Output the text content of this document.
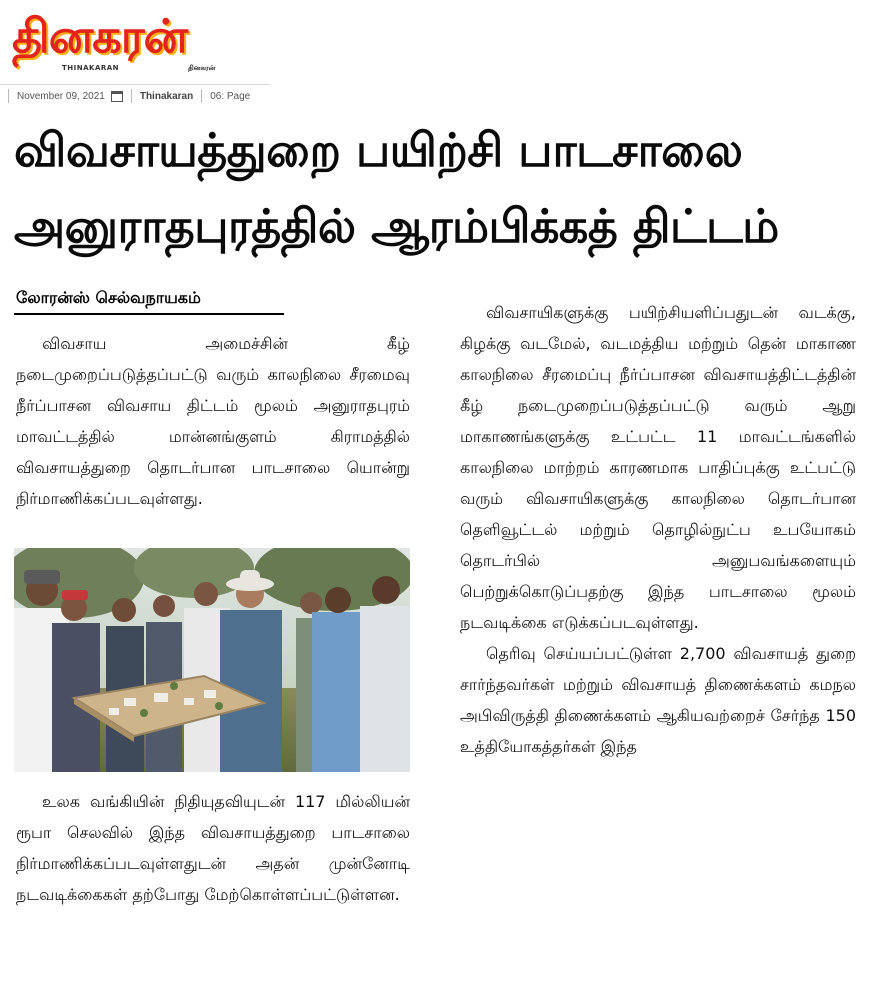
தினகரன்
THINAKARAN	தினகரன்
November 09, 2021	Thinakaran 06: Page
விவசாயத்துறை பயிற்சி பாடசாலை
அனுராதபுரத்தில் ஆரம்பிக்கத் திட்டம்
லோரன்ஸ் செல்வநாயகம்

விவசாய அமைச்சின் கீழ் நடைமுறைப்படுத்தப்பட்டு வரும் காலநிலை சீரமைவு நீர்ப்பாசன விவசாய திட்டம் மூலம் அனுராதபுரம் மாவட்டத்தில் மான்னங்குளம் கிராமத்தில் விவசாயத்துறை தொடர்பான பாடசாலை யொன்று நிர்மாணிக்கப்படவுள்ளது.

உலக வங்கியின் நிதியுதவியுடன் 117 மில்லியன் ரூபா செலவில் இந்த விவசாயத்துறை பாடசாலை நிர்மாணிக்கப்படவுள்ளதுடன் அதன் முன்னோடி நடவடிக்கைகள் தற்போது மேற்கொள்ளப்பட்டுள்ளன.

விவசாயிகளுக்கு பயிற்சியளிப்பதுடன் வடக்கு, கிழக்கு வடமேல், வடமத்திய மற்றும் தென் மாகாண காலநிலை சீரமைப்பு நீர்ப்பாசன விவசாயத்திட்டத்தின் கீழ் நடைமுறைப்படுத்தப்பட்டு வரும் ஆறு மாகாணங்களுக்கு உட்பட்ட 11 மாவட்டங்களில் காலநிலை மாற்றம் காரணமாக பாதிப்புக்கு உட்பட்டு வரும் விவசாயிகளுக்கு காலநிலை தொடர்பான தெளிவூட்டல் மற்றும் தொழில்நுட்ப உபயோகம் தொடர்பில் அனுபவங்களையும் பெற்றுக்கொடுப்பதற்கு இந்த பாடசாலை மூலம் நடவடிக்கை எடுக்கப்படவுள்ளது.

தெரிவு செய்யப்பட்டுள்ள 2,700 விவசாயத் துறை சார்ந்தவர்கள் மற்றும் விவசாயத் திணைக்களம் கமநல அபிவிருத்தி திணைக்களம் ஆகியவற்றைச் சேர்ந்த 150 உத்தியோகத்தர்கள் இந்த
